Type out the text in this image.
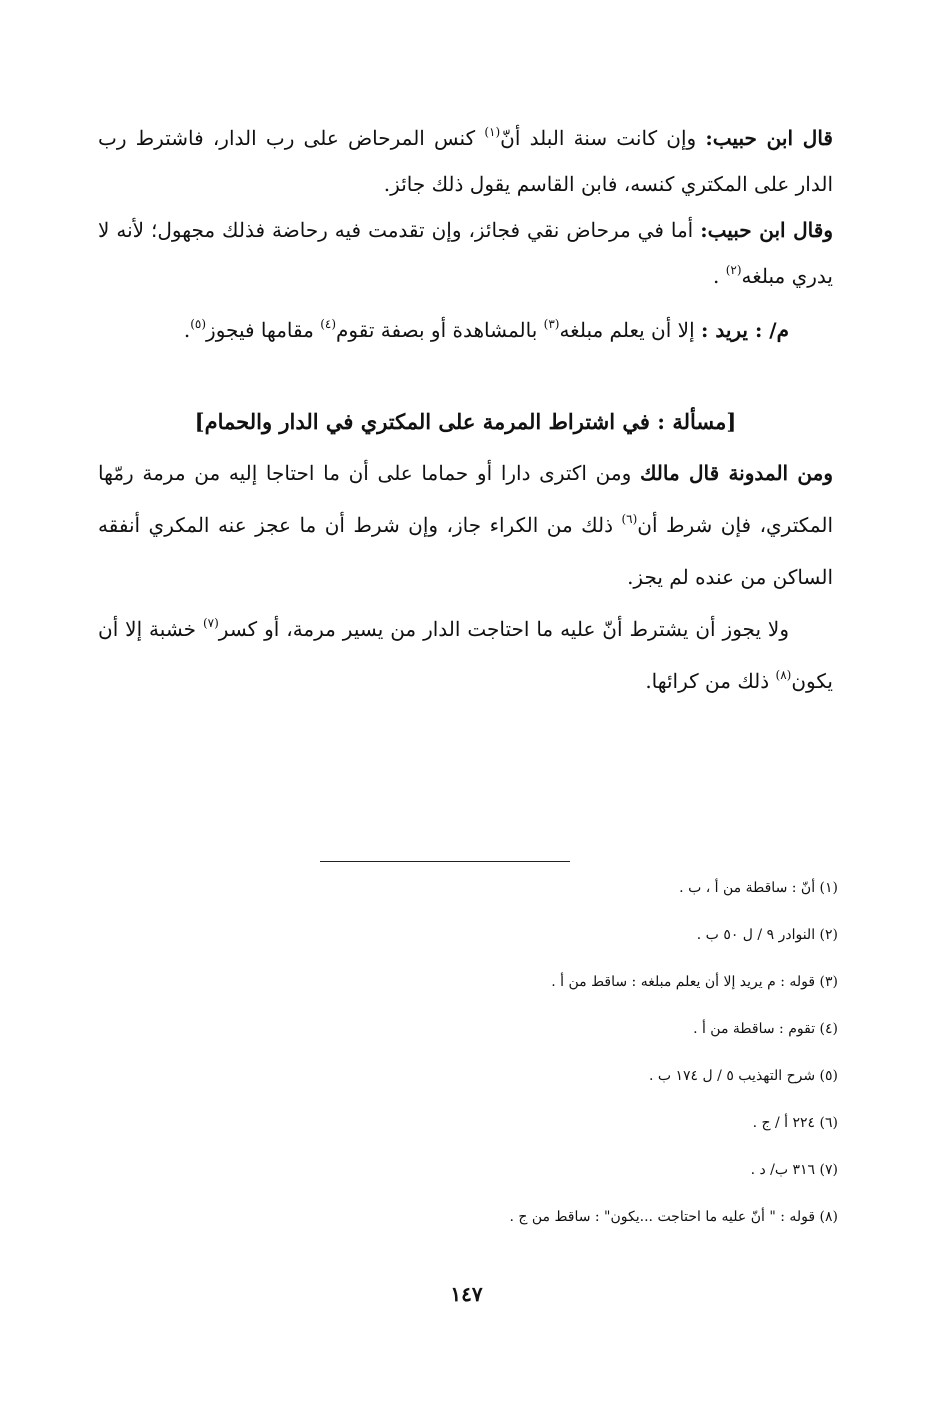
قال ابن حبيب: وإن كانت سنة البلد أنّ$^{(١)}$ كنس المرحاض على رب الدار، فاشترط رب الدار على المكتري كنسه، فابن القاسم يقول ذلك جائز.

وقال ابن حبيب: أما في مرحاض نقي فجائز، وإن تقدمت فيه رحاضة فذلك مجهول؛ لأنه لا يدري مبلغه$^{(٢)}$ .

م/ : يريد : إلا أن يعلم مبلغه$^{(٣)}$ بالمشاهدة أو بصفة تقوم$^{(٤)}$ مقامها فيجوز$^{(٥)}$.

[مسألة : في اشتراط المرمة على المكتري في الدار والحمام]

ومن المدونة قال مالك ومن اكترى دارا أو حماما على أن ما احتاجا إليه من مرمة رمّها المكتري، فإن شرط أن$^{(٦)}$ ذلك من الكراء جاز، وإن شرط أن ما عجز عنه المكري أنفقه الساكن من عنده لم يجز.

ولا يجوز أن يشترط أنّ عليه ما احتاجت الدار من يسير مرمة، أو كسر$^{(٧)}$ خشبة إلا أن يكون$^{(٨)}$ ذلك من كرائها.

(١) أنّ : ساقطة من أ ، ب .
(٢) النوادر ٩ / ل ٥٠ ب .
(٣) قوله : م يريد إلا أن يعلم مبلغه : ساقط من أ .
(٤) تقوم : ساقطة من أ .
(٥) شرح التهذيب ٥ / ل ١٧٤ ب .
(٦) ٢٢٤ أ / ج .
(٧) ٣١٦ ب/ د .
(٨) قوله : " أنّ عليه ما احتاجت ...يكون" : ساقط من ج .
١٤٧
